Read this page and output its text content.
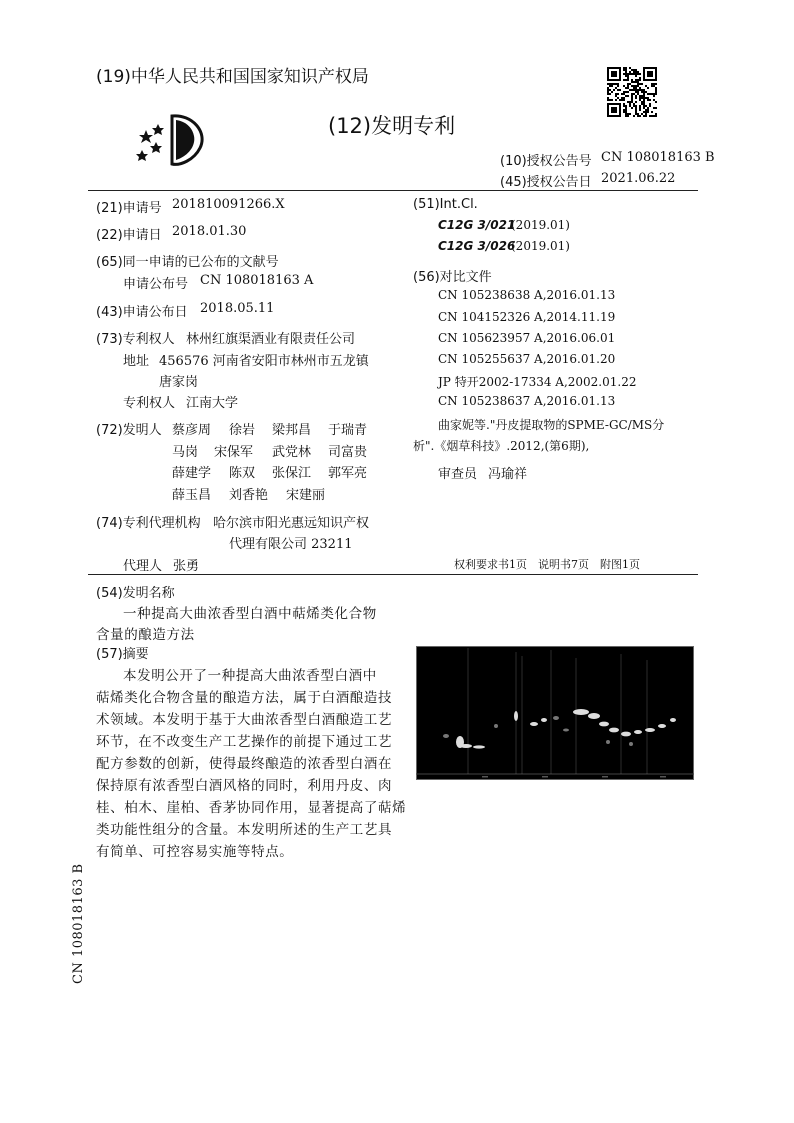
(19)中华人民共和国国家知识产权局
(12)发明专利
(10)授权公告号 CN 108018163 B
(45)授权公告日 2021.06.22
(21)申请号 201810091266.X
(22)申请日 2018.01.30
(65)同一申请的已公布的文献号
申请公布号 CN 108018163 A
(43)申请公布日 2018.05.11
(73)专利权人 林州红旗渠酒业有限责任公司
地址 456576 河南省安阳市林州市五龙镇
唐家岗
专利权人 江南大学
(72)发明人 蔡彦周 徐岩 梁邦昌 于瑞青
马岗 宋保军 武党林 司富贵
薛建学 陈双 张保江 郭军亮
薛玉昌 刘香艳 宋建丽
(74)专利代理机构 哈尔滨市阳光惠远知识产权
代理有限公司 23211
代理人 张勇
(51)Int.Cl.
C12G 3/021
(2019.01)
C12G 3/026
(2019.01)
(56)对比文件
CN 105238638 A,2016.01.13
CN 104152326 A,2014.11.19
CN 105623957 A,2016.06.01
CN 105255637 A,2016.01.20
JP 特开2002-17334 A,2002.01.22
CN 105238637 A,2016.01.13
曲家妮等."丹皮提取物的SPME-GC/MS分
析".《烟草科技》.2012,(第6期),
审查员 冯瑜祥
权利要求书1页　说明书7页　附图1页
(54)发明名称
一种提高大曲浓香型白酒中萜烯类化合物
含量的酿造方法
(57)摘要
本发明公开了一种提高大曲浓香型白酒中
萜烯类化合物含量的酿造方法，属于白酒酿造技
术领域。本发明于基于大曲浓香型白酒酿造工艺
环节，在不改变生产工艺操作的前提下通过工艺
配方参数的创新，使得最终酿造的浓香型白酒在
保持原有浓香型白酒风格的同时，利用丹皮、肉
桂、柏木、崖柏、香茅协同作用，显著提高了萜烯
类功能性组分的含量。本发明所述的生产工艺具
有简单、可控容易实施等特点。
CN 108018163 B
